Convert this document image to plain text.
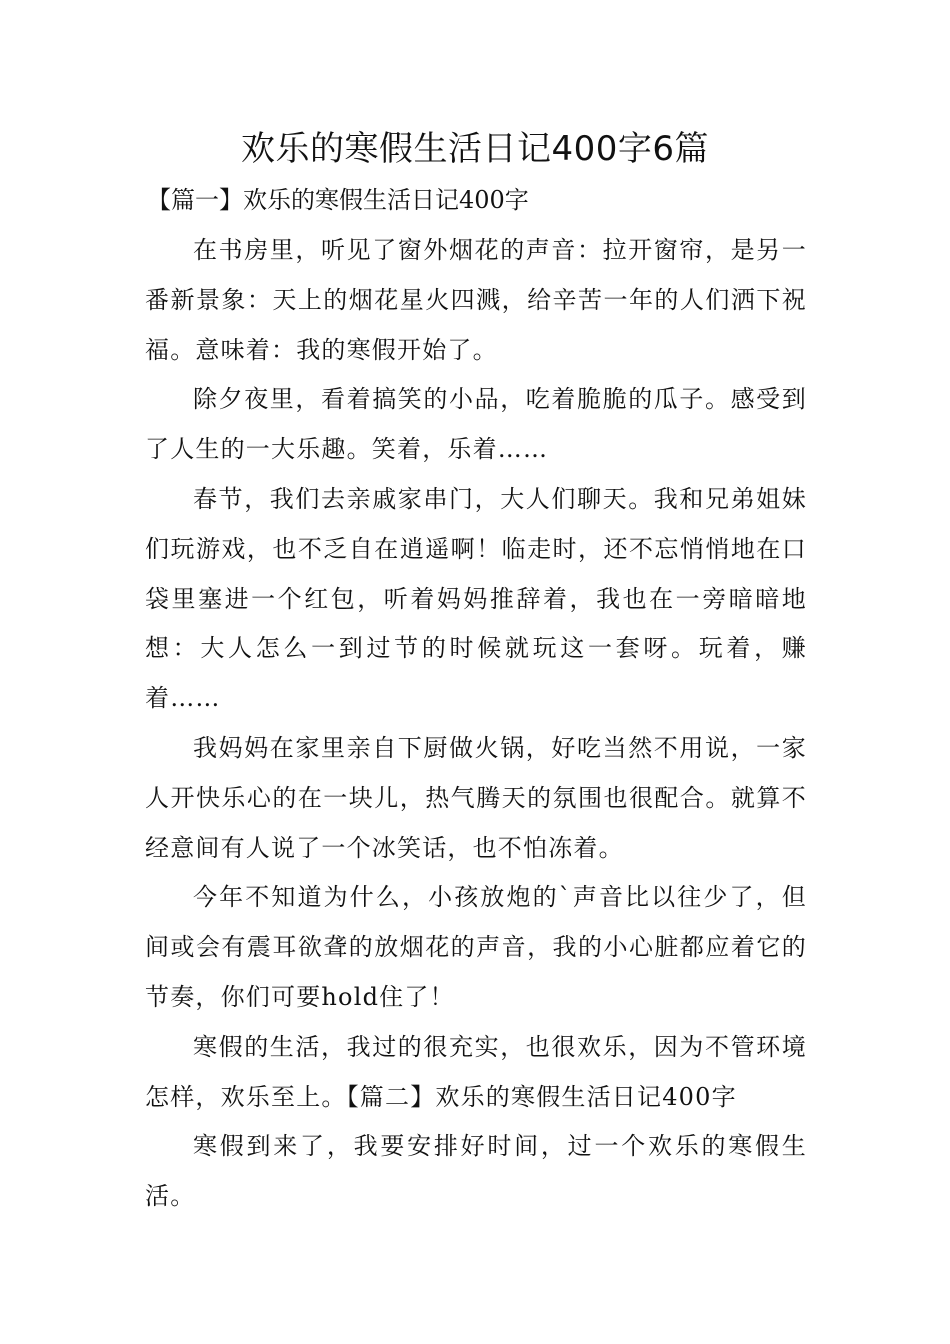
欢乐的寒假生活日记400字6篇

【篇一】欢乐的寒假生活日记400字

在书房里，听见了窗外烟花的声音：拉开窗帘，是另一番新景象：天上的烟花星火四溅，给辛苦一年的人们洒下祝福。意味着：我的寒假开始了。

除夕夜里，看着搞笑的小品，吃着脆脆的瓜子。感受到了人生的一大乐趣。笑着，乐着……

春节，我们去亲戚家串门，大人们聊天。我和兄弟姐妹们玩游戏，也不乏自在逍遥啊！临走时，还不忘悄悄地在口袋里塞进一个红包，听着妈妈推辞着，我也在一旁暗暗地想：大人怎么一到过节的时候就玩这一套呀。玩着，赚着……

我妈妈在家里亲自下厨做火锅，好吃当然不用说，一家人开快乐心的在一块儿，热气腾天的氛围也很配合。就算不经意间有人说了一个冰笑话，也不怕冻着。

今年不知道为什么，小孩放炮的`声音比以往少了，但间或会有震耳欲聋的放烟花的声音，我的小心脏都应着它的节奏，你们可要hold住了！

寒假的生活，我过的很充实，也很欢乐，因为不管环境怎样，欢乐至上。【篇二】欢乐的寒假生活日记400字

寒假到来了，我要安排好时间，过一个欢乐的寒假生活。
